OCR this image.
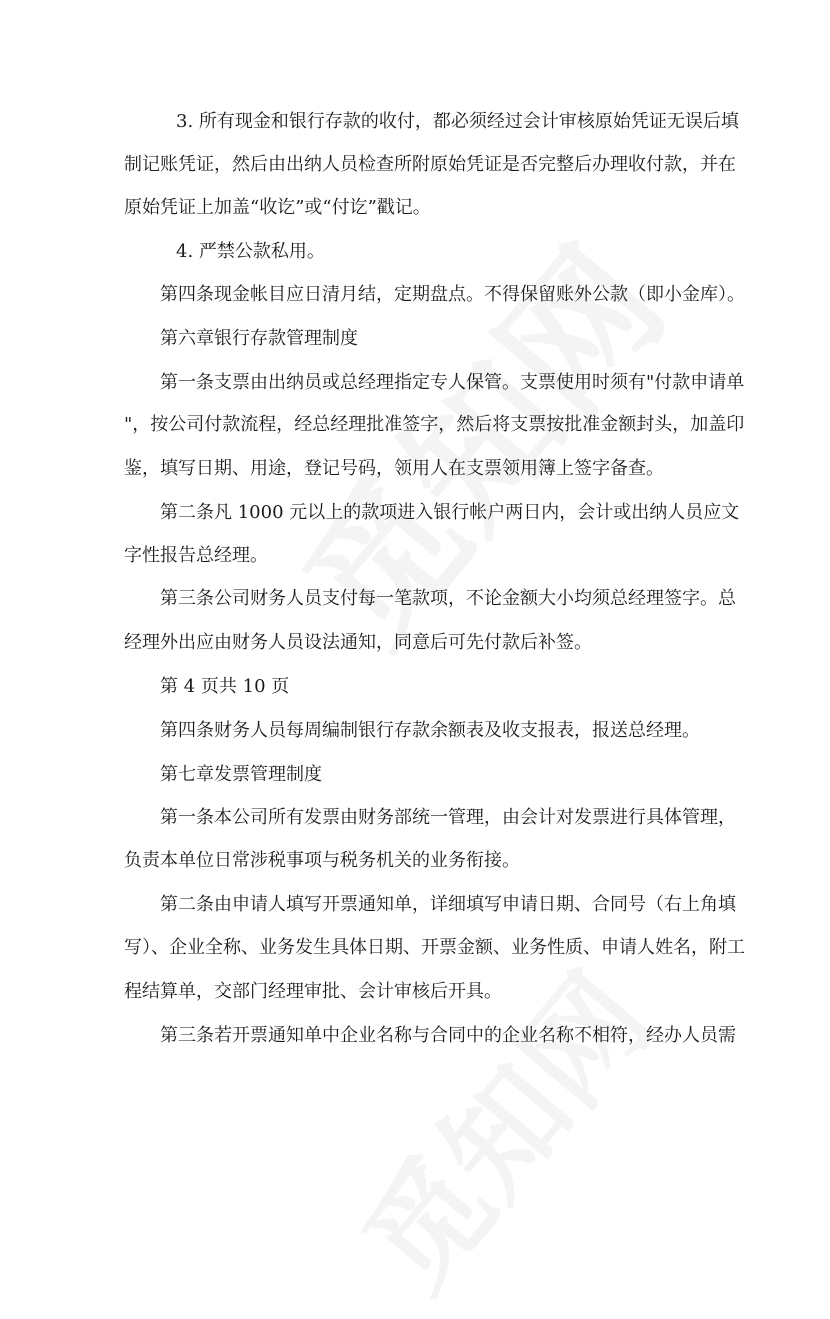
3. 所有现金和银行存款的收付，都必须经过会计审核原始凭证无误后填
制记账凭证，然后由出纳人员检查所附原始凭证是否完整后办理收付款，并在
原始凭证上加盖“收讫”或“付讫”戳记。
4. 严禁公款私用。
第四条现金帐目应日清月结，定期盘点。不得保留账外公款（即小金库）。
第六章银行存款管理制度
第一条支票由出纳员或总经理指定专人保管。支票使用时须有"付款申请单
"，按公司付款流程，经总经理批准签字，然后将支票按批准金额封头，加盖印
鉴，填写日期、用途，登记号码，领用人在支票领用簿上签字备查。
第二条凡 1000 元以上的款项进入银行帐户两日内，会计或出纳人员应文
字性报告总经理。
第三条公司财务人员支付每一笔款项，不论金额大小均须总经理签字。总
经理外出应由财务人员设法通知，同意后可先付款后补签。
第 4 页共 10 页
第四条财务人员每周编制银行存款余额表及收支报表，报送总经理。
第七章发票管理制度
第一条本公司所有发票由财务部统一管理，由会计对发票进行具体管理，
负责本单位日常涉税事项与税务机关的业务衔接。
第二条由申请人填写开票通知单，详细填写申请日期、合同号（右上角填
写）、企业全称、业务发生具体日期、开票金额、业务性质、申请人姓名，附工
程结算单，交部门经理审批、会计审核后开具。
第三条若开票通知单中企业名称与合同中的企业名称不相符，经办人员需
